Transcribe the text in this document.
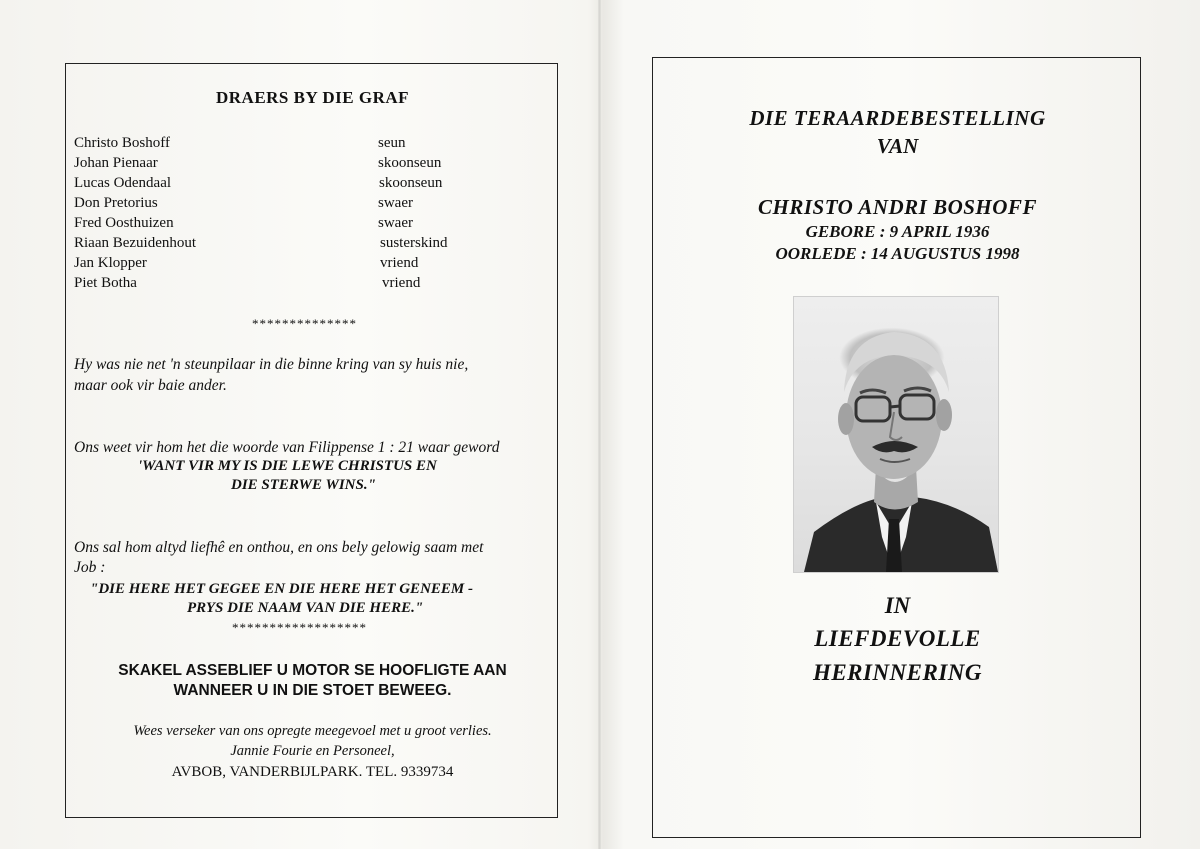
DRAERS BY DIE GRAF
Christo Boshoff	seun
Johan Pienaar	skoonseun
Lucas Odendaal	skoonseun
Don Pretorius	swaer
Fred Oosthuizen	swaer
Riaan Bezuidenhout	susterskind
Jan Klopper	vriend
Piet Botha	vriend
**************
Hy was nie net 'n steunpilaar in die binne kring van sy huis nie,
maar ook vir baie ander.
Ons weet vir hom het die woorde van Filippense 1 : 21 waar geword
'WANT VIR MY IS DIE LEWE CHRISTUS EN
DIE STERWE WINS."
Ons sal hom altyd liefhê en onthou, en ons bely gelowig saam met
Job :
"DIE HERE HET GEGEE EN DIE HERE HET GENEEM -
PRYS DIE NAAM VAN DIE HERE."
******************
SKAKEL ASSEBLIEF U MOTOR SE HOOFLIGTE AAN
WANNEER U IN DIE STOET BEWEEG.
Wees verseker van ons opregte meegevoel met u groot verlies.
Jannie Fourie en Personeel,
AVBOB, VANDERBIJLPARK. TEL. 9339734
DIE TERAARDEBESTELLING
VAN
CHRISTO ANDRI BOSHOFF
GEBORE : 9 APRIL 1936
OORLEDE : 14 AUGUSTUS 1998
IN
LIEFDEVOLLE
HERINNERING
